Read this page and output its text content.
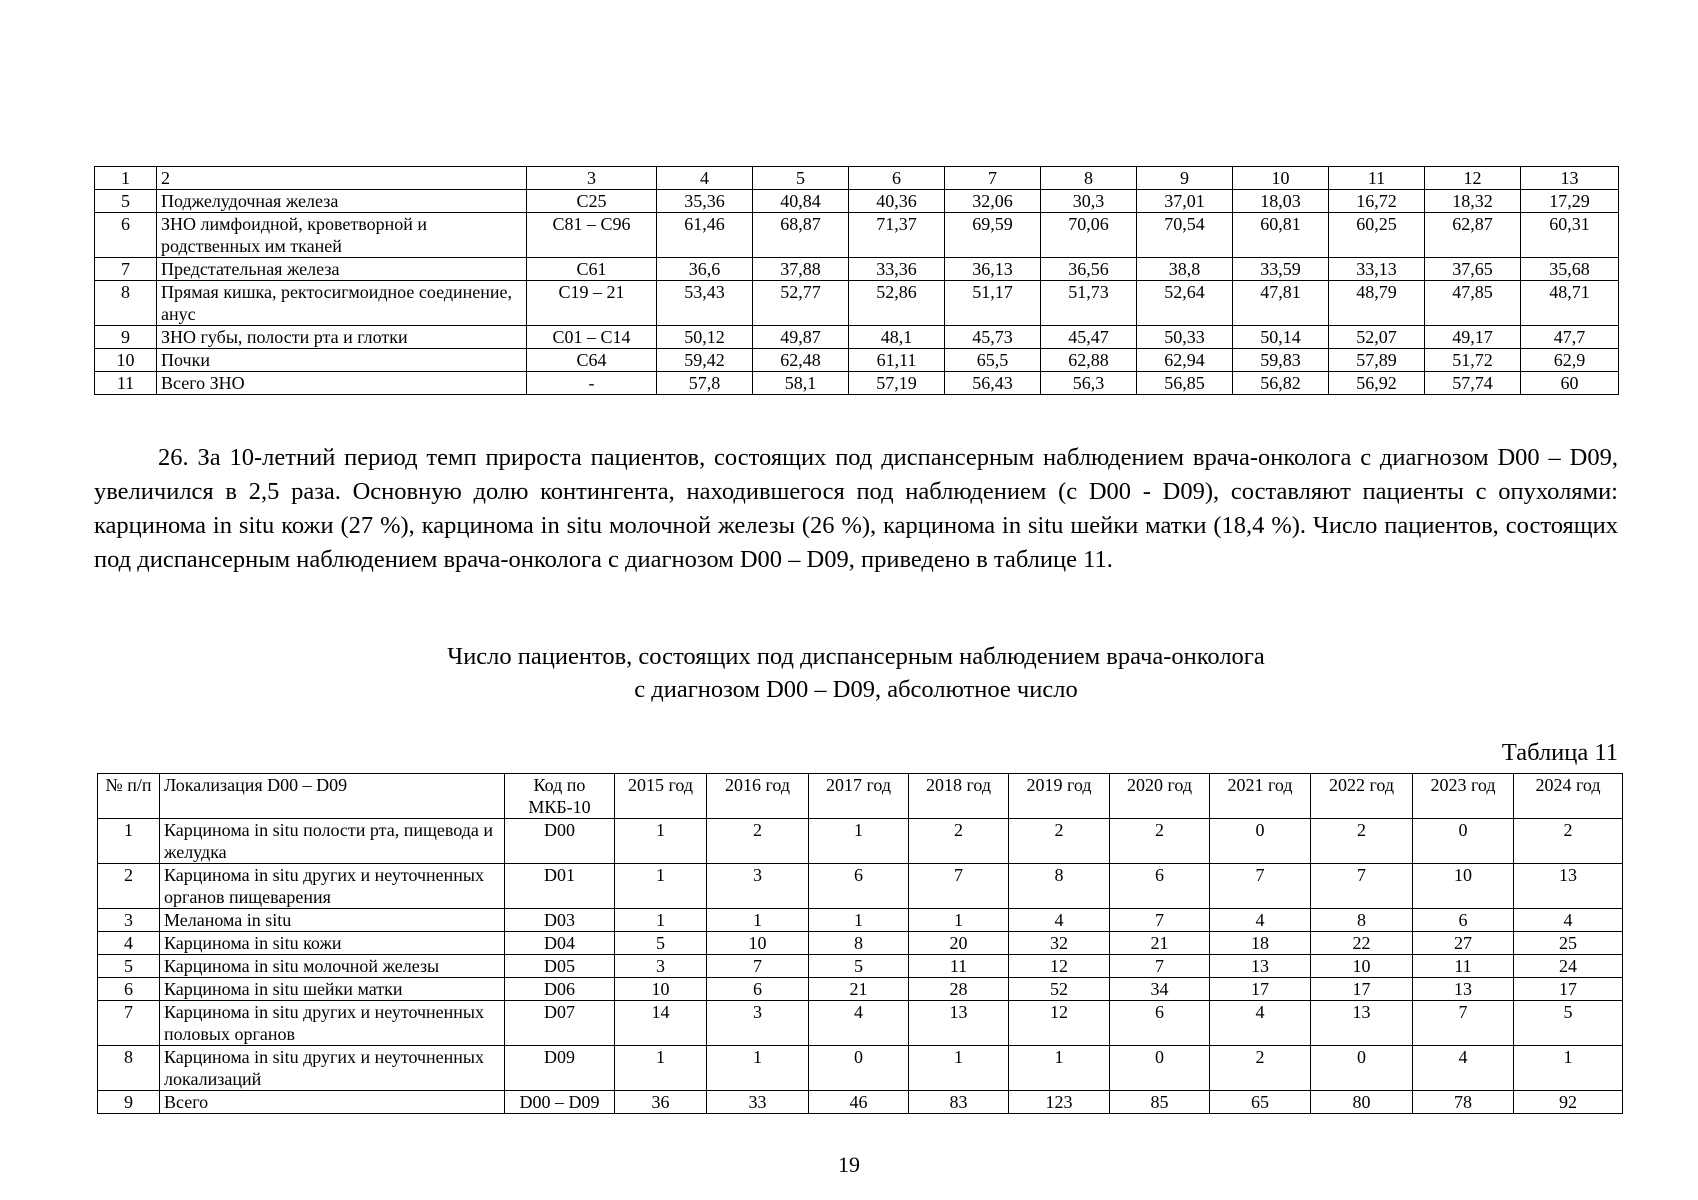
1	2	3	4	5	6	7	8	9	10	11	12	13
5	Поджелудочная железа	C25	35,36	40,84	40,36	32,06	30,3	37,01	18,03	16,72	18,32	17,29
6	ЗНО лимфоидной, кроветворной и родственных им тканей	C81 – C96	61,46	68,87	71,37	69,59	70,06	70,54	60,81	60,25	62,87	60,31
7	Предстательная железа	C61	36,6	37,88	33,36	36,13	36,56	38,8	33,59	33,13	37,65	35,68
8	Прямая кишка, ректосигмоидное соединение, анус	C19 – 21	53,43	52,77	52,86	51,17	51,73	52,64	47,81	48,79	47,85	48,71
9	ЗНО губы, полости рта и глотки	C01 – C14	50,12	49,87	48,1	45,73	45,47	50,33	50,14	52,07	49,17	47,7
10	Почки	C64	59,42	62,48	61,11	65,5	62,88	62,94	59,83	57,89	51,72	62,9
11	Всего ЗНО	-	57,8	58,1	57,19	56,43	56,3	56,85	56,82	56,92	57,74	60

26. За 10-летний период темп прироста пациентов, состоящих под диспансерным наблюдением врача-онколога с диагнозом D00 – D09, увеличился в 2,5 раза. Основную долю контингента, находившегося под наблюдением (с D00 - D09), составляют пациенты с опухолями: карцинома in situ кожи (27 %), карцинома in situ молочной железы (26 %), карцинома in situ шейки матки (18,4 %). Число пациентов, состоящих под диспансерным наблюдением врача-онколога с диагнозом D00 – D09, приведено в таблице 11.

Число пациентов, состоящих под диспансерным наблюдением врача-онколога
с диагнозом D00 – D09, абсолютное число
Таблица 11
№ п/п	Локализация D00 – D09	Код по МКБ-10	2015 год	2016 год	2017 год	2018 год	2019 год	2020 год	2021 год	2022 год	2023 год	2024 год
1	Карцинома in situ полости рта, пищевода и желудка	D00	1	2	1	2	2	2	0	2	0	2
2	Карцинома in situ других и неуточненных органов пищеварения	D01	1	3	6	7	8	6	7	7	10	13
3	Меланома in situ	D03	1	1	1	1	4	7	4	8	6	4
4	Карцинома in situ кожи	D04	5	10	8	20	32	21	18	22	27	25
5	Карцинома in situ молочной железы	D05	3	7	5	11	12	7	13	10	11	24
6	Карцинома in situ шейки матки	D06	10	6	21	28	52	34	17	17	13	17
7	Карцинома in situ других и неуточненных половых органов	D07	14	3	4	13	12	6	4	13	7	5
8	Карцинома in situ других и неуточненных локализаций	D09	1	1	0	1	1	0	2	0	4	1
9	Всего	D00 – D09	36	33	46	83	123	85	65	80	78	92
19
